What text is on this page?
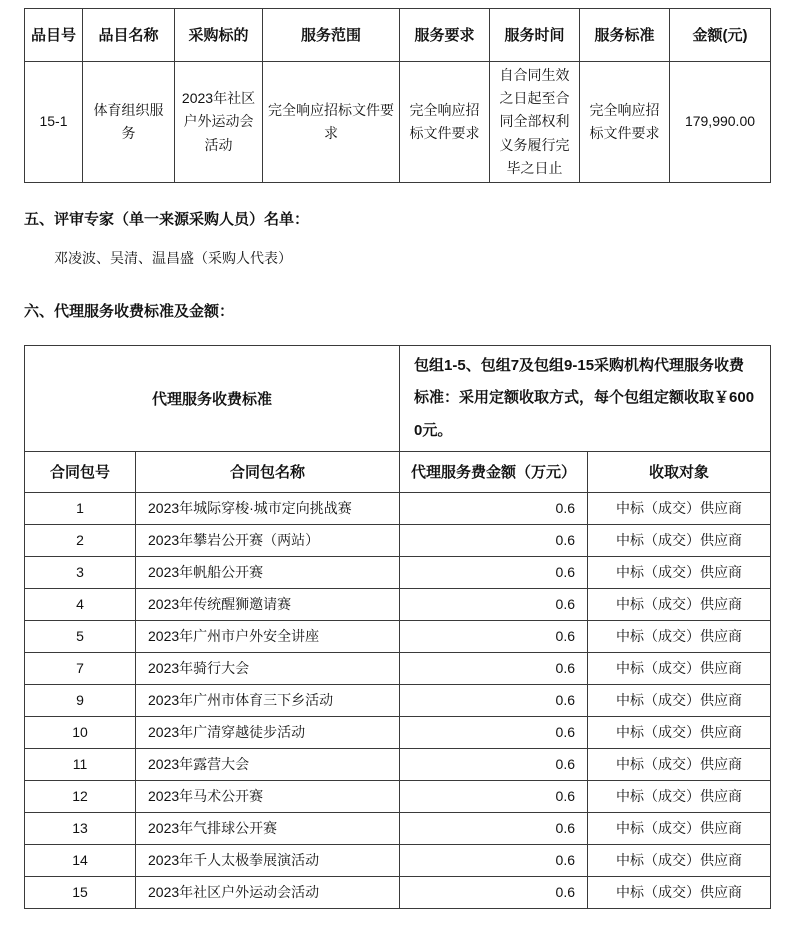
品目号	品目名称	采购标的	服务范围	服务要求	服务时间	服务标准	金额(元)
15-1	体育组织服务	2023年社区户外运动会活动	完全响应招标文件要求	完全响应招标文件要求	自合同生效之日起至合同全部权利义务履行完毕之日止	完全响应招标文件要求	179,990.00

五、评审专家（单一来源采购人员）名单：

邓凌波、吴清、温昌盛（采购人代表）

六、代理服务收费标准及金额：

代理服务收费标准		包组1-5、包组7及包组9-15采购机构代理服务收费标准：采用定额收取方式，每个包组定额收取￥6000元。	
合同包号	合同包名称	代理服务费金额（万元）	收取对象
1	2023年城际穿梭·城市定向挑战赛	0.6	中标（成交）供应商
2	2023年攀岩公开赛（两站）	0.6	中标（成交）供应商
3	2023年帆船公开赛	0.6	中标（成交）供应商
4	2023年传统醒狮邀请赛	0.6	中标（成交）供应商
5	2023年广州市户外安全讲座	0.6	中标（成交）供应商
7	2023年骑行大会	0.6	中标（成交）供应商
9	2023年广州市体育三下乡活动	0.6	中标（成交）供应商
10	2023年广清穿越徒步活动	0.6	中标（成交）供应商
11	2023年露营大会	0.6	中标（成交）供应商
12	2023年马术公开赛	0.6	中标（成交）供应商
13	2023年气排球公开赛	0.6	中标（成交）供应商
14	2023年千人太极拳展演活动	0.6	中标（成交）供应商
15	2023年社区户外运动会活动	0.6	中标（成交）供应商
